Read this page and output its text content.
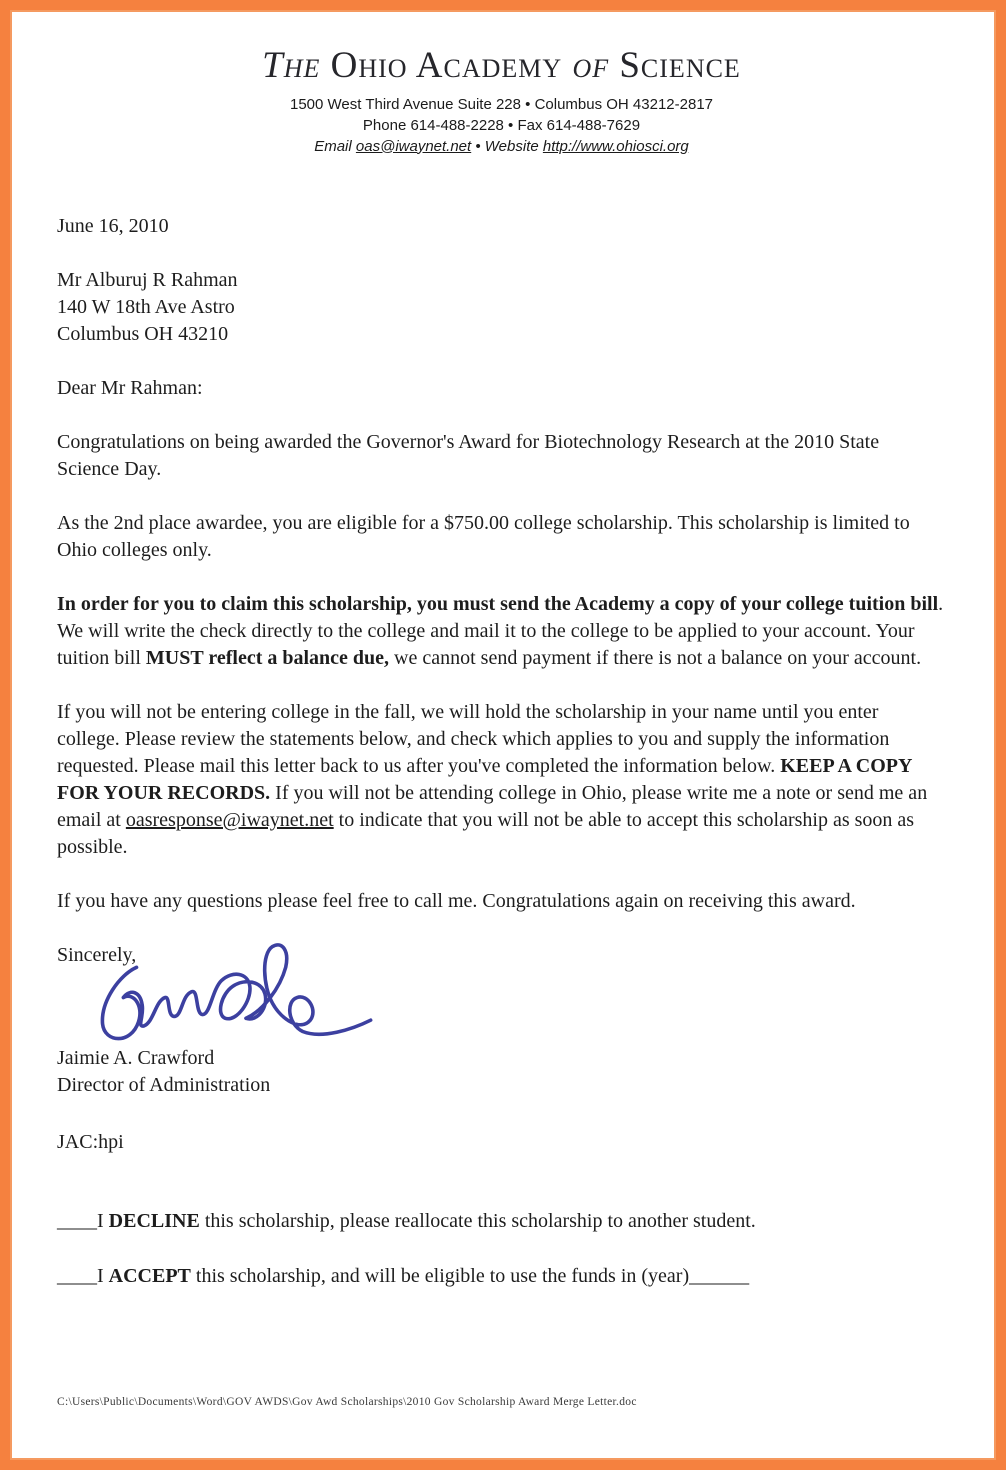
The Ohio Academy of Science
1500 West Third Avenue Suite 228 • Columbus OH 43212-2817
Phone 614-488-2228 • Fax 614-488-7629
Email oas@iwaynet.net • Website http://www.ohiosci.org
June 16, 2010
Mr Alburuj R Rahman
140 W 18th Ave Astro
Columbus OH 43210
Dear Mr Rahman:
Congratulations on being awarded the Governor's Award for Biotechnology Research at the 2010 State Science Day.
As the 2nd place awardee, you are eligible for a $750.00 college scholarship. This scholarship is limited to Ohio colleges only.
In order for you to claim this scholarship, you must send the Academy a copy of your college tuition bill. We will write the check directly to the college and mail it to the college to be applied to your account. Your tuition bill MUST reflect a balance due, we cannot send payment if there is not a balance on your account.
If you will not be entering college in the fall, we will hold the scholarship in your name until you enter college. Please review the statements below, and check which applies to you and supply the information requested. Please mail this letter back to us after you've completed the information below. KEEP A COPY FOR YOUR RECORDS. If you will not be attending college in Ohio, please write me a note or send me an email at oasresponse@iwaynet.net to indicate that you will not be able to accept this scholarship as soon as possible.
If you have any questions please feel free to call me. Congratulations again on receiving this award.
Sincerely,
Jaimie A. Crawford
Director of Administration
JAC:hpi
____I DECLINE this scholarship, please reallocate this scholarship to another student.
____I ACCEPT this scholarship, and will be eligible to use the funds in (year)______
C:\Users\Public\Documents\Word\GOV AWDS\Gov Awd Scholarships\2010 Gov Scholarship Award Merge Letter.doc
